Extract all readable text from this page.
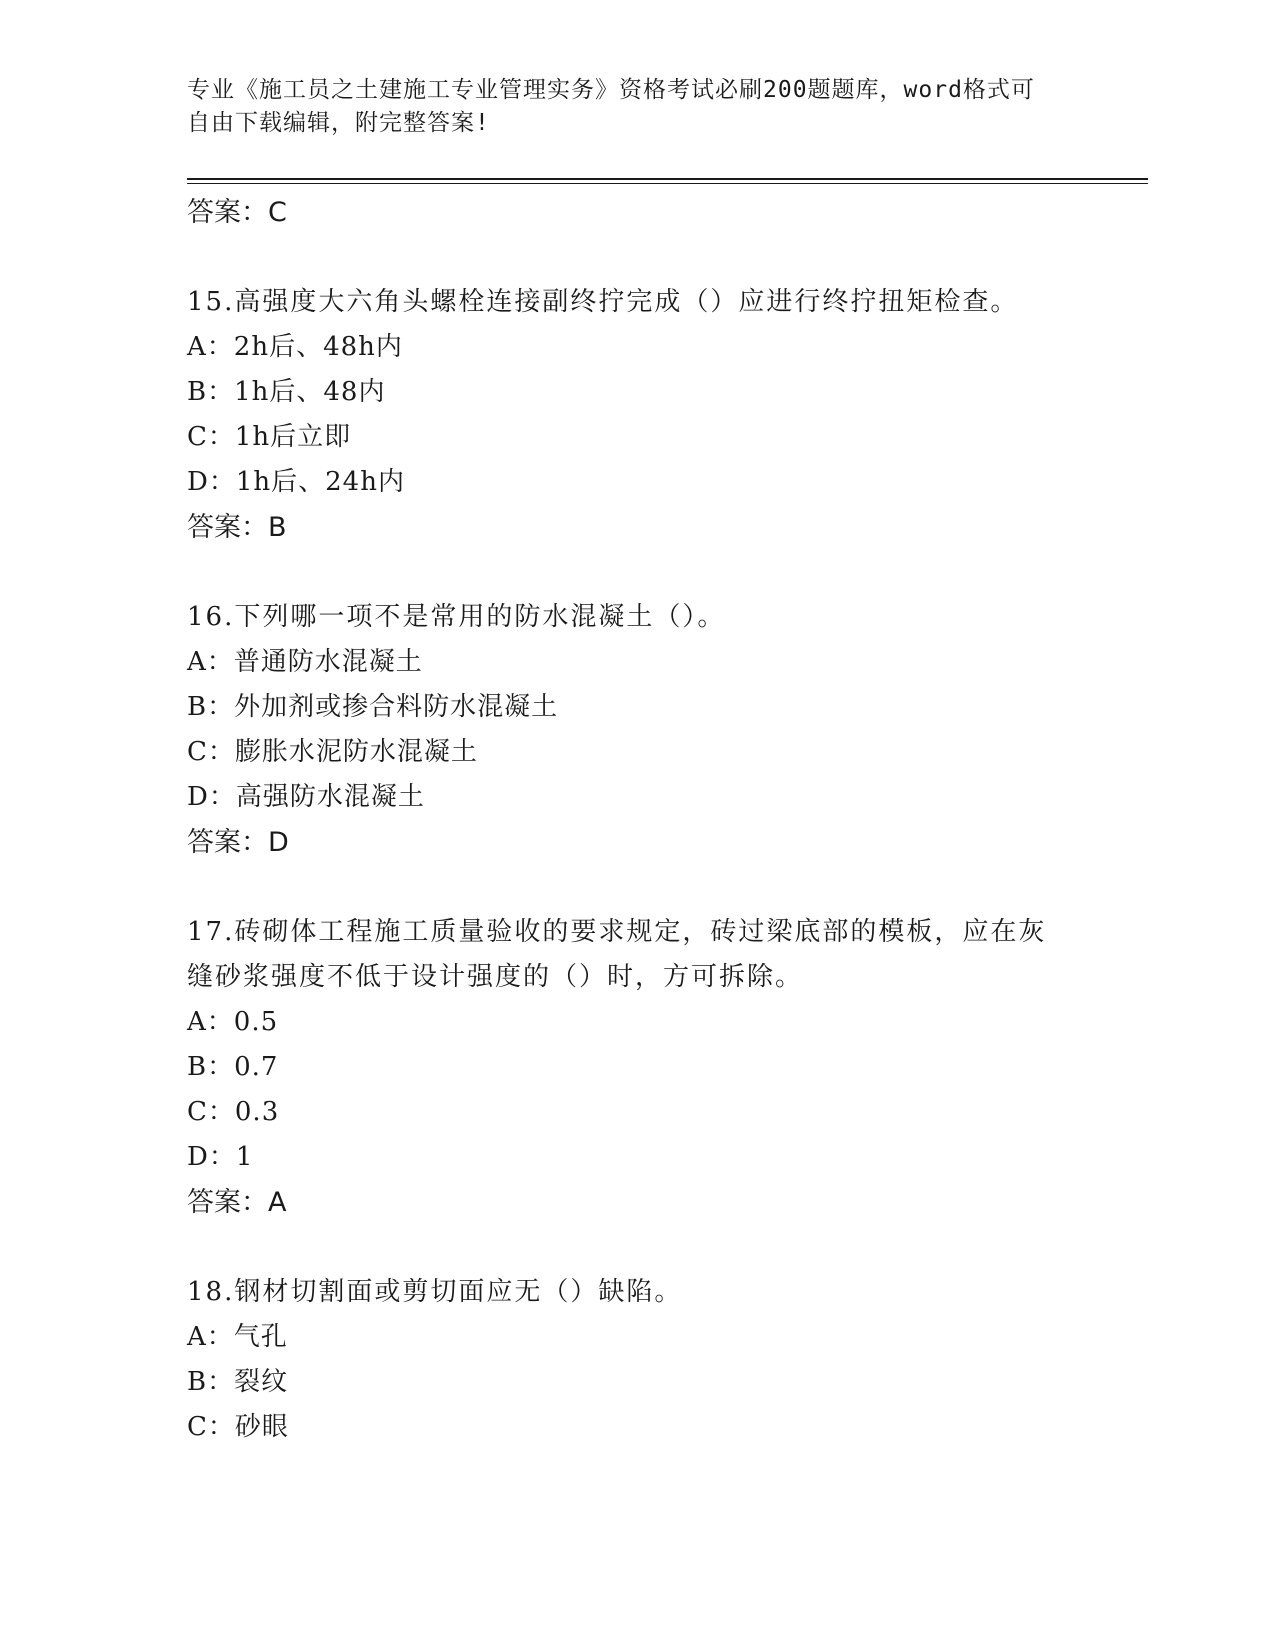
专业《施工员之土建施工专业管理实务》资格考试必刷200题题库，word格式可
自由下载编辑，附完整答案!
答案：C
15.高强度大六角头螺栓连接副终拧完成（）应进行终拧扭矩检查。
A：2h后、48h内
B：1h后、48内
C：1h后立即
D：1h后、24h内
答案：B
16.下列哪一项不是常用的防水混凝土（）。
A：普通防水混凝土
B：外加剂或掺合料防水混凝土
C：膨胀水泥防水混凝土
D：高强防水混凝土
答案：D
17.砖砌体工程施工质量验收的要求规定，砖过梁底部的模板，应在灰
缝砂浆强度不低于设计强度的（）时，方可拆除。
A：0.5
B：0.7
C：0.3
D：1
答案：A
18.钢材切割面或剪切面应无（）缺陷。
A：气孔
B：裂纹
C：砂眼
